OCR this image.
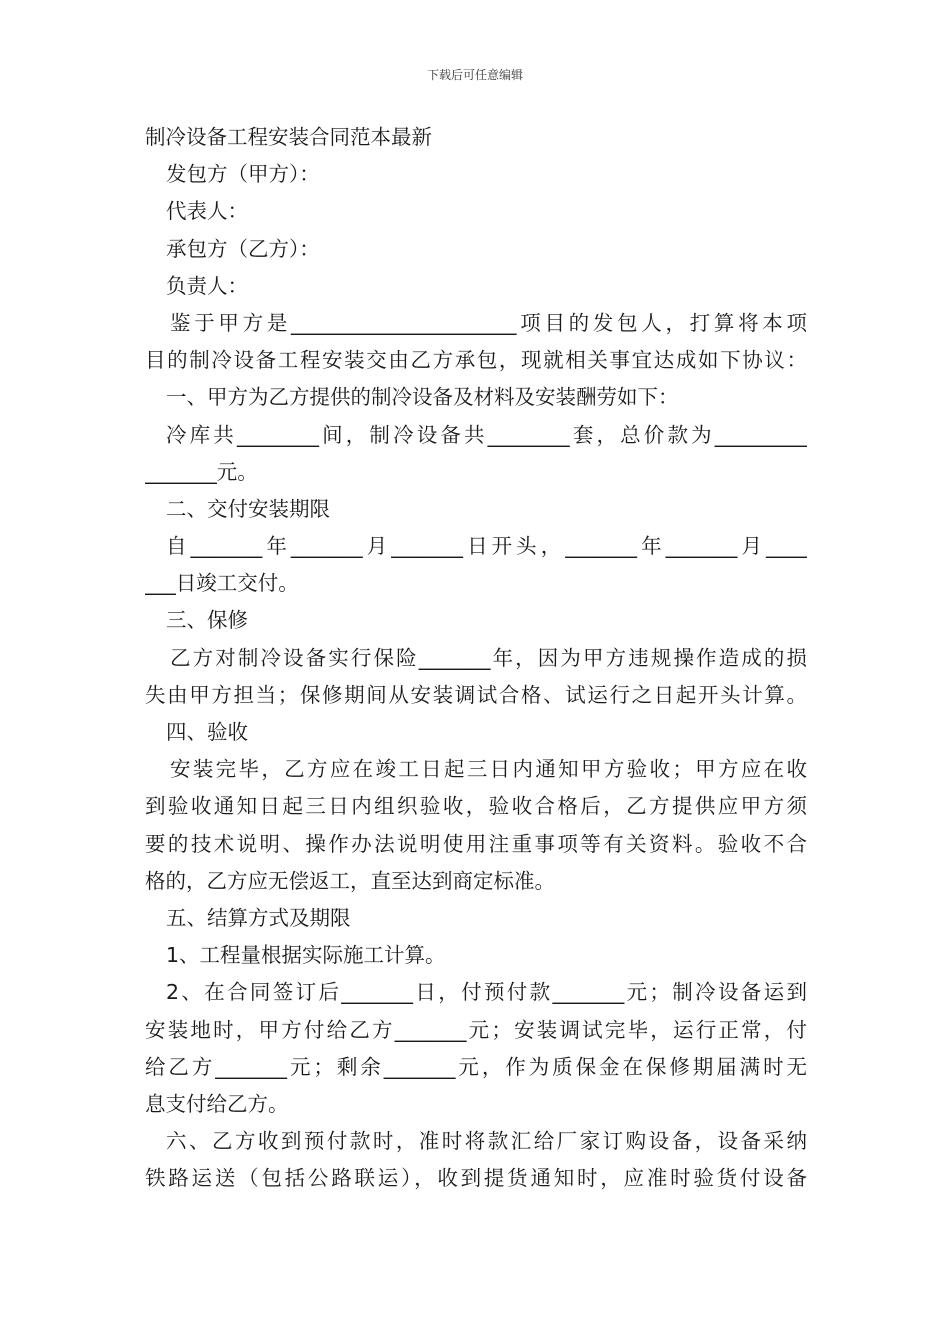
下载后可任意编辑
制冷设备工程安装合同范本最新
发包方（甲方）：
代表人：
承包方（乙方）：
负责人：
鉴于甲方是______________________项目的发包人，打算将本项
目的制冷设备工程安装交由乙方承包，现就相关事宜达成如下协议：
一、甲方为乙方提供的制冷设备及材料及安装酬劳如下：
冷库共________间，制冷设备共________套，总价款为_________
_______元。
二、交付安装期限
自_______年_______月_______日开头，_______年_______月____
___日竣工交付。
三、保修
乙方对制冷设备实行保险_______年，因为甲方违规操作造成的损
失由甲方担当；保修期间从安装调试合格、试运行之日起开头计算。
四、验收
安装完毕，乙方应在竣工日起三日内通知甲方验收；甲方应在收
到验收通知日起三日内组织验收，验收合格后，乙方提供应甲方须
要的技术说明、操作办法说明使用注重事项等有关资料。验收不合
格的，乙方应无偿返工，直至达到商定标准。
五、结算方式及期限
1、工程量根据实际施工计算。
2、在合同签订后_______日，付预付款_______元；制冷设备运到
安装地时，甲方付给乙方_______元；安装调试完毕，运行正常，付
给乙方_______元；剩余_______元，作为质保金在保修期届满时无
息支付给乙方。
六、乙方收到预付款时，准时将款汇给厂家订购设备，设备采纳
铁路运送（包括公路联运），收到提货通知时，应准时验货付设备
